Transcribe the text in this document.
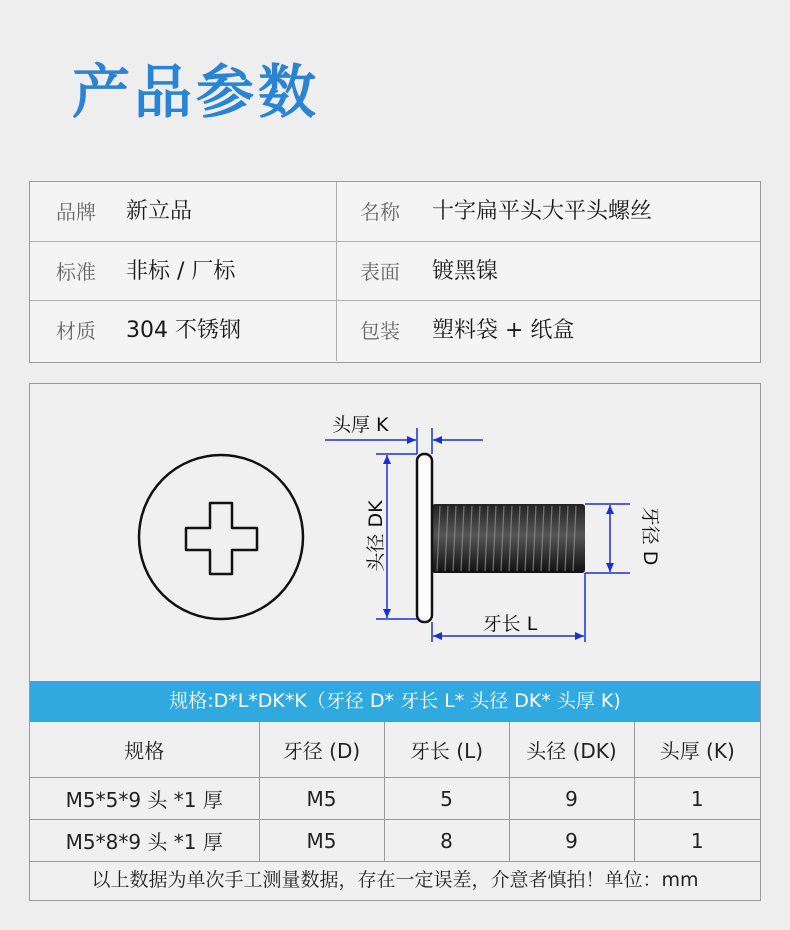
产品参数
品牌 新立品	名称 十字扁平头大平头螺丝
标准 非标 / 厂标	表面 镀黑镍
材质 304 不锈钢	包装 塑料袋 + 纸盒
头厚 K
头径 DK	牙径 D
牙长 L
规格:D*L*DK*K（牙径 D* 牙长 L* 头径 DK* 头厚 K)
规格	牙径 (D)	牙长 (L)	头径 (DK)	头厚 (K)
M5*5*9 头 *1 厚	M5	5	9	1
M5*8*9 头 *1 厚	M5	8	9	1
以上数据为单次手工测量数据，存在一定误差，介意者慎拍！单位：mm
